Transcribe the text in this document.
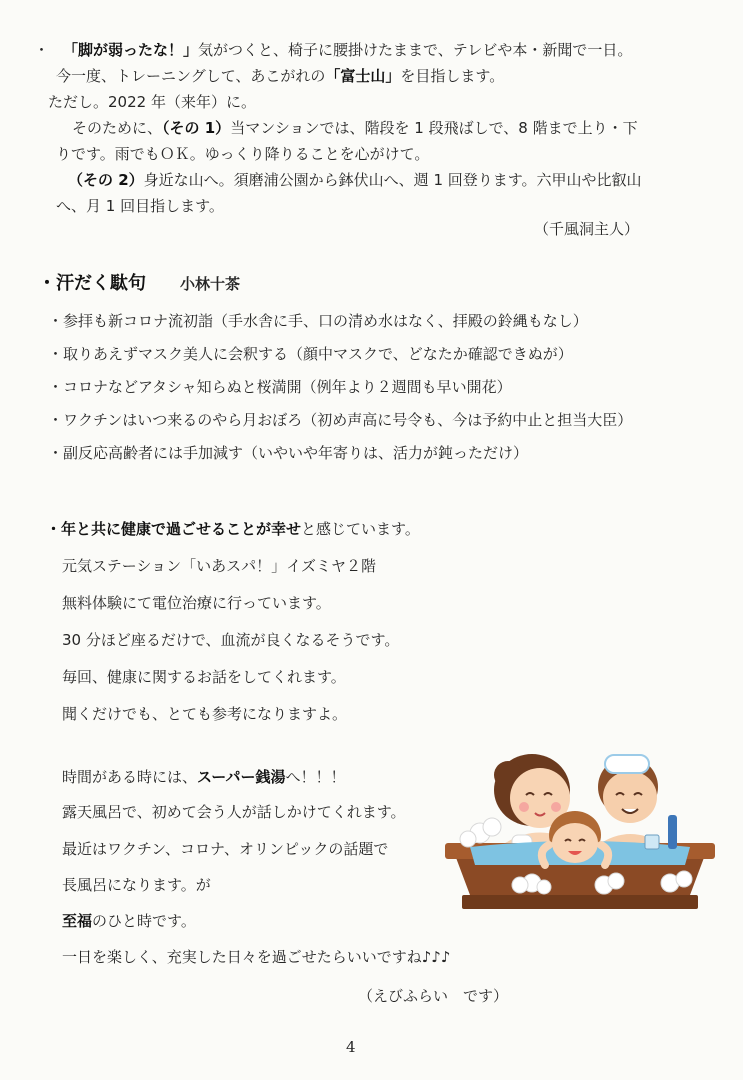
・ 「脚が弱ったな！」気がつくと、椅子に腰掛けたままで、テレビや本・新聞で一日。
今一度、トレーニングして、あこがれの「富士山」を目指します。
ただし。2022 年（来年）に。
そのために、（その 1）当マンションでは、階段を 1 段飛ばしで、8 階まで上り・下
りです。雨でもＯＫ。ゆっくり降りることを心がけて。
（その 2）身近な山へ。須磨浦公園から鉢伏山へ、週 1 回登ります。六甲山や比叡山
へ、月 1 回目指します。
（千風洞主人）
・汗だく駄句 小林十茶
・参拝も新コロナ流初詣（手水舎に手、口の清め水はなく、拝殿の鈴縄もなし）
・取りあえずマスク美人に会釈する（顔中マスクで、どなたか確認できぬが）
・コロナなどアタシャ知らぬと桜満開（例年より２週間も早い開花）
・ワクチンはいつ来るのやら月おぼろ（初め声高に号令も、今は予約中止と担当大臣）
・副反応高齢者には手加減す（いやいや年寄りは、活力が鈍っただけ）
・年と共に健康で過ごせることが幸せと感じています。
元気ステーション「いあスパ！」イズミヤ２階
無料体験にて電位治療に行っています。
30 分ほど座るだけで、血流が良くなるそうです。
毎回、健康に関するお話をしてくれます。
聞くだけでも、とても参考になりますよ。
時間がある時には、スーパー銭湯へ！！！
露天風呂で、初めて会う人が話しかけてくれます。
最近はワクチン、コロナ、オリンピックの話題で
長風呂になります。が
至福のひと時です。
一日を楽しく、充実した日々を過ごせたらいいですね♪♪♪
（えびふらい　です）
4
